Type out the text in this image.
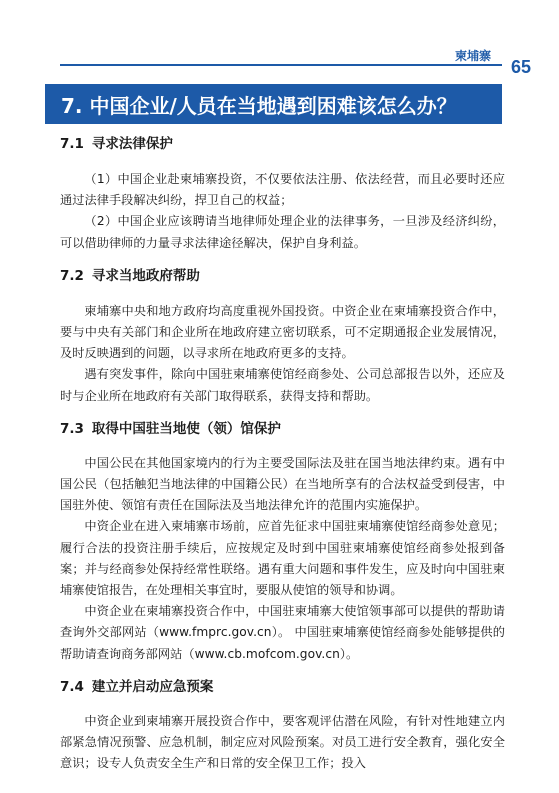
柬埔寨
65
7. 中国企业/人员在当地遇到困难该怎么办？
7.1 寻求法律保护

（1）中国企业赴柬埔寨投资，不仅要依法注册、依法经营，而且必要时还应通过法律手段解决纠纷，捍卫自己的权益；

（2）中国企业应该聘请当地律师处理企业的法律事务，一旦涉及经济纠纷，可以借助律师的力量寻求法律途径解决，保护自身利益。

7.2 寻求当地政府帮助

柬埔寨中央和地方政府均高度重视外国投资。中资企业在柬埔寨投资合作中，要与中央有关部门和企业所在地政府建立密切联系，可不定期通报企业发展情况，及时反映遇到的问题，以寻求所在地政府更多的支持。

遇有突发事件，除向中国驻柬埔寨使馆经商参处、公司总部报告以外，还应及时与企业所在地政府有关部门取得联系，获得支持和帮助。

7.3 取得中国驻当地使（领）馆保护

中国公民在其他国家境内的行为主要受国际法及驻在国当地法律约束。遇有中国公民（包括触犯当地法律的中国籍公民）在当地所享有的合法权益受到侵害，中国驻外使、领馆有责任在国际法及当地法律允许的范围内实施保护。

中资企业在进入柬埔寨市场前，应首先征求中国驻柬埔寨使馆经商参处意见；履行合法的投资注册手续后，应按规定及时到中国驻柬埔寨使馆经商参处报到备案；并与经商参处保持经常性联络。遇有重大问题和事件发生，应及时向中国驻柬埔寨使馆报告，在处理相关事宜时，要服从使馆的领导和协调。

中资企业在柬埔寨投资合作中，中国驻柬埔寨大使馆领事部可以提供的帮助请查询外交部网站（www.fmprc.gov.cn）。 中国驻柬埔寨使馆经商参处能够提供的帮助请查询商务部网站（www.cb.mofcom.gov.cn）。

7.4 建立并启动应急预案

中资企业到柬埔寨开展投资合作中，要客观评估潜在风险，有针对性地建立内部紧急情况预警、应急机制，制定应对风险预案。对员工进行安全教育，强化安全意识；设专人负责安全生产和日常的安全保卫工作；投入
